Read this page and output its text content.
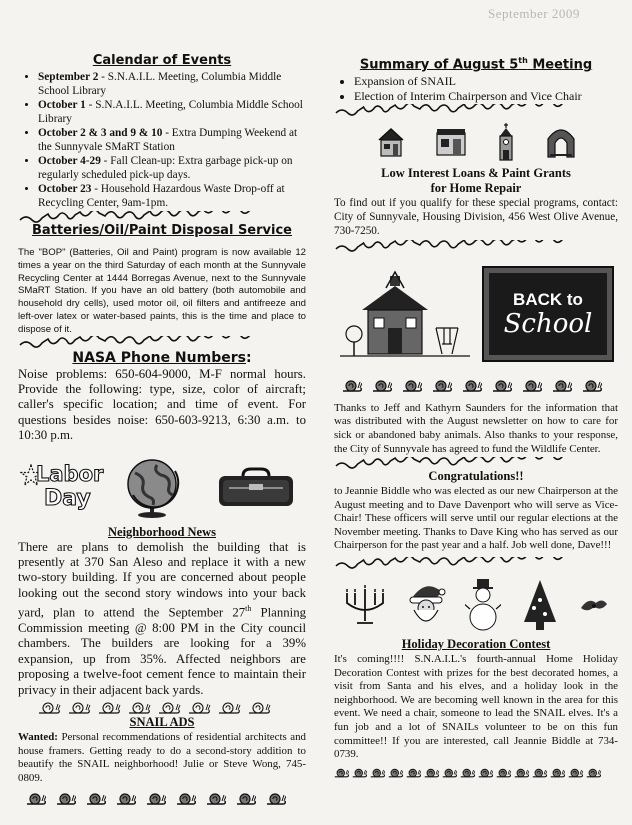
September 2009
Calendar of Events
• September 2 - S.N.A.I.L. Meeting, Columbia Middle School Library
• October 1 - S.N.A.I.L. Meeting, Columbia Middle School Library
• October 2 & 3 and 9 & 10 - Extra Dumping Weekend at the Sunnyvale SMaRT Station
• October 4-29 - Fall Clean-up: Extra garbage pick-up on regularly scheduled pick-up days.
• October 23 - Household Hazardous Waste Drop-off at Recycling Center, 9am-1pm.
Batteries/Oil/Paint Disposal Service

The "BOP" (Batteries, Oil and Paint) program is now available 12 times a year on the third Saturday of each month at the Sunnyvale Recycling Center at 1444 Borregas Avenue, next to the Sunnyvale SMaRT Station. If you have an old battery (both automobile and household dry cells), used motor oil, oil filters and antifreeze and left-over latex or water-based paints, this is the time and place to dispose of it.

NASA Phone Numbers:

Noise problems: 650-604-9000, M-F normal hours. Provide the following: type, size, color of aircraft; caller's specific location; and time of event. For questions besides noise: 650-603-9213, 6:30 a.m. to 10:30 p.m.

Labor
Day
Neighborhood News

There are plans to demolish the building that is presently at 370 San Aleso and replace it with a new two-story building. If you are concerned about people looking out the second story windows into your back yard, plan to attend the September 27th Planning Commission meeting @ 8:00 PM in the City council chambers. The builders are looking for a 39% expansion, up from 35%. Affected neighbors are proposing a twelve-foot cement fence to maintain their privacy in their adjacent back yards.

SNAIL ADS

Wanted: Personal recommendations of residential architects and house framers. Getting ready to do a second-story addition to beautify the SNAIL neighborhood! Julie or Steve Wong, 745-0809.

Summary of August 5th Meeting
• Expansion of SNAIL
• Election of Interim Chairperson and Vice Chair
Low Interest Loans & Paint Grants
for Home Repair

To find out if you qualify for these special programs, contact: City of Sunnyvale, Housing Division, 456 West Olive Avenue, 730-7250.

BACK to
School

Thanks to Jeff and Kathyrn Saunders for the information that was distributed with the August newsletter on how to care for sick or abandoned baby animals. Also thanks to your response, the City of Sunnyvale has agreed to fund the Wildlife Center.

Congratulations!!

to Jeannie Biddle who was elected as our new Chairperson at the August meeting and to Dave Davenport who will serve as Vice-Chair! These officers will serve until our regular elections at the November meeting. Thanks to Dave King who has served as our Chairperson for the past year and a half. Job well done, Dave!!!

Holiday Decoration Contest

It's coming!!!! S.N.A.I.L.'s fourth-annual Home Holiday Decoration Contest with prizes for the best decorated homes, a visit from Santa and his elves, and a holiday look in the neighborhood. We are becoming well known in the area for this event. We need a chair, someone to lead the SNAIL elves. It's a fun job and a lot of SNAILs volunteer to be on this fun committee!! If you are interested, call Jeannie Biddle at 734-0739.
